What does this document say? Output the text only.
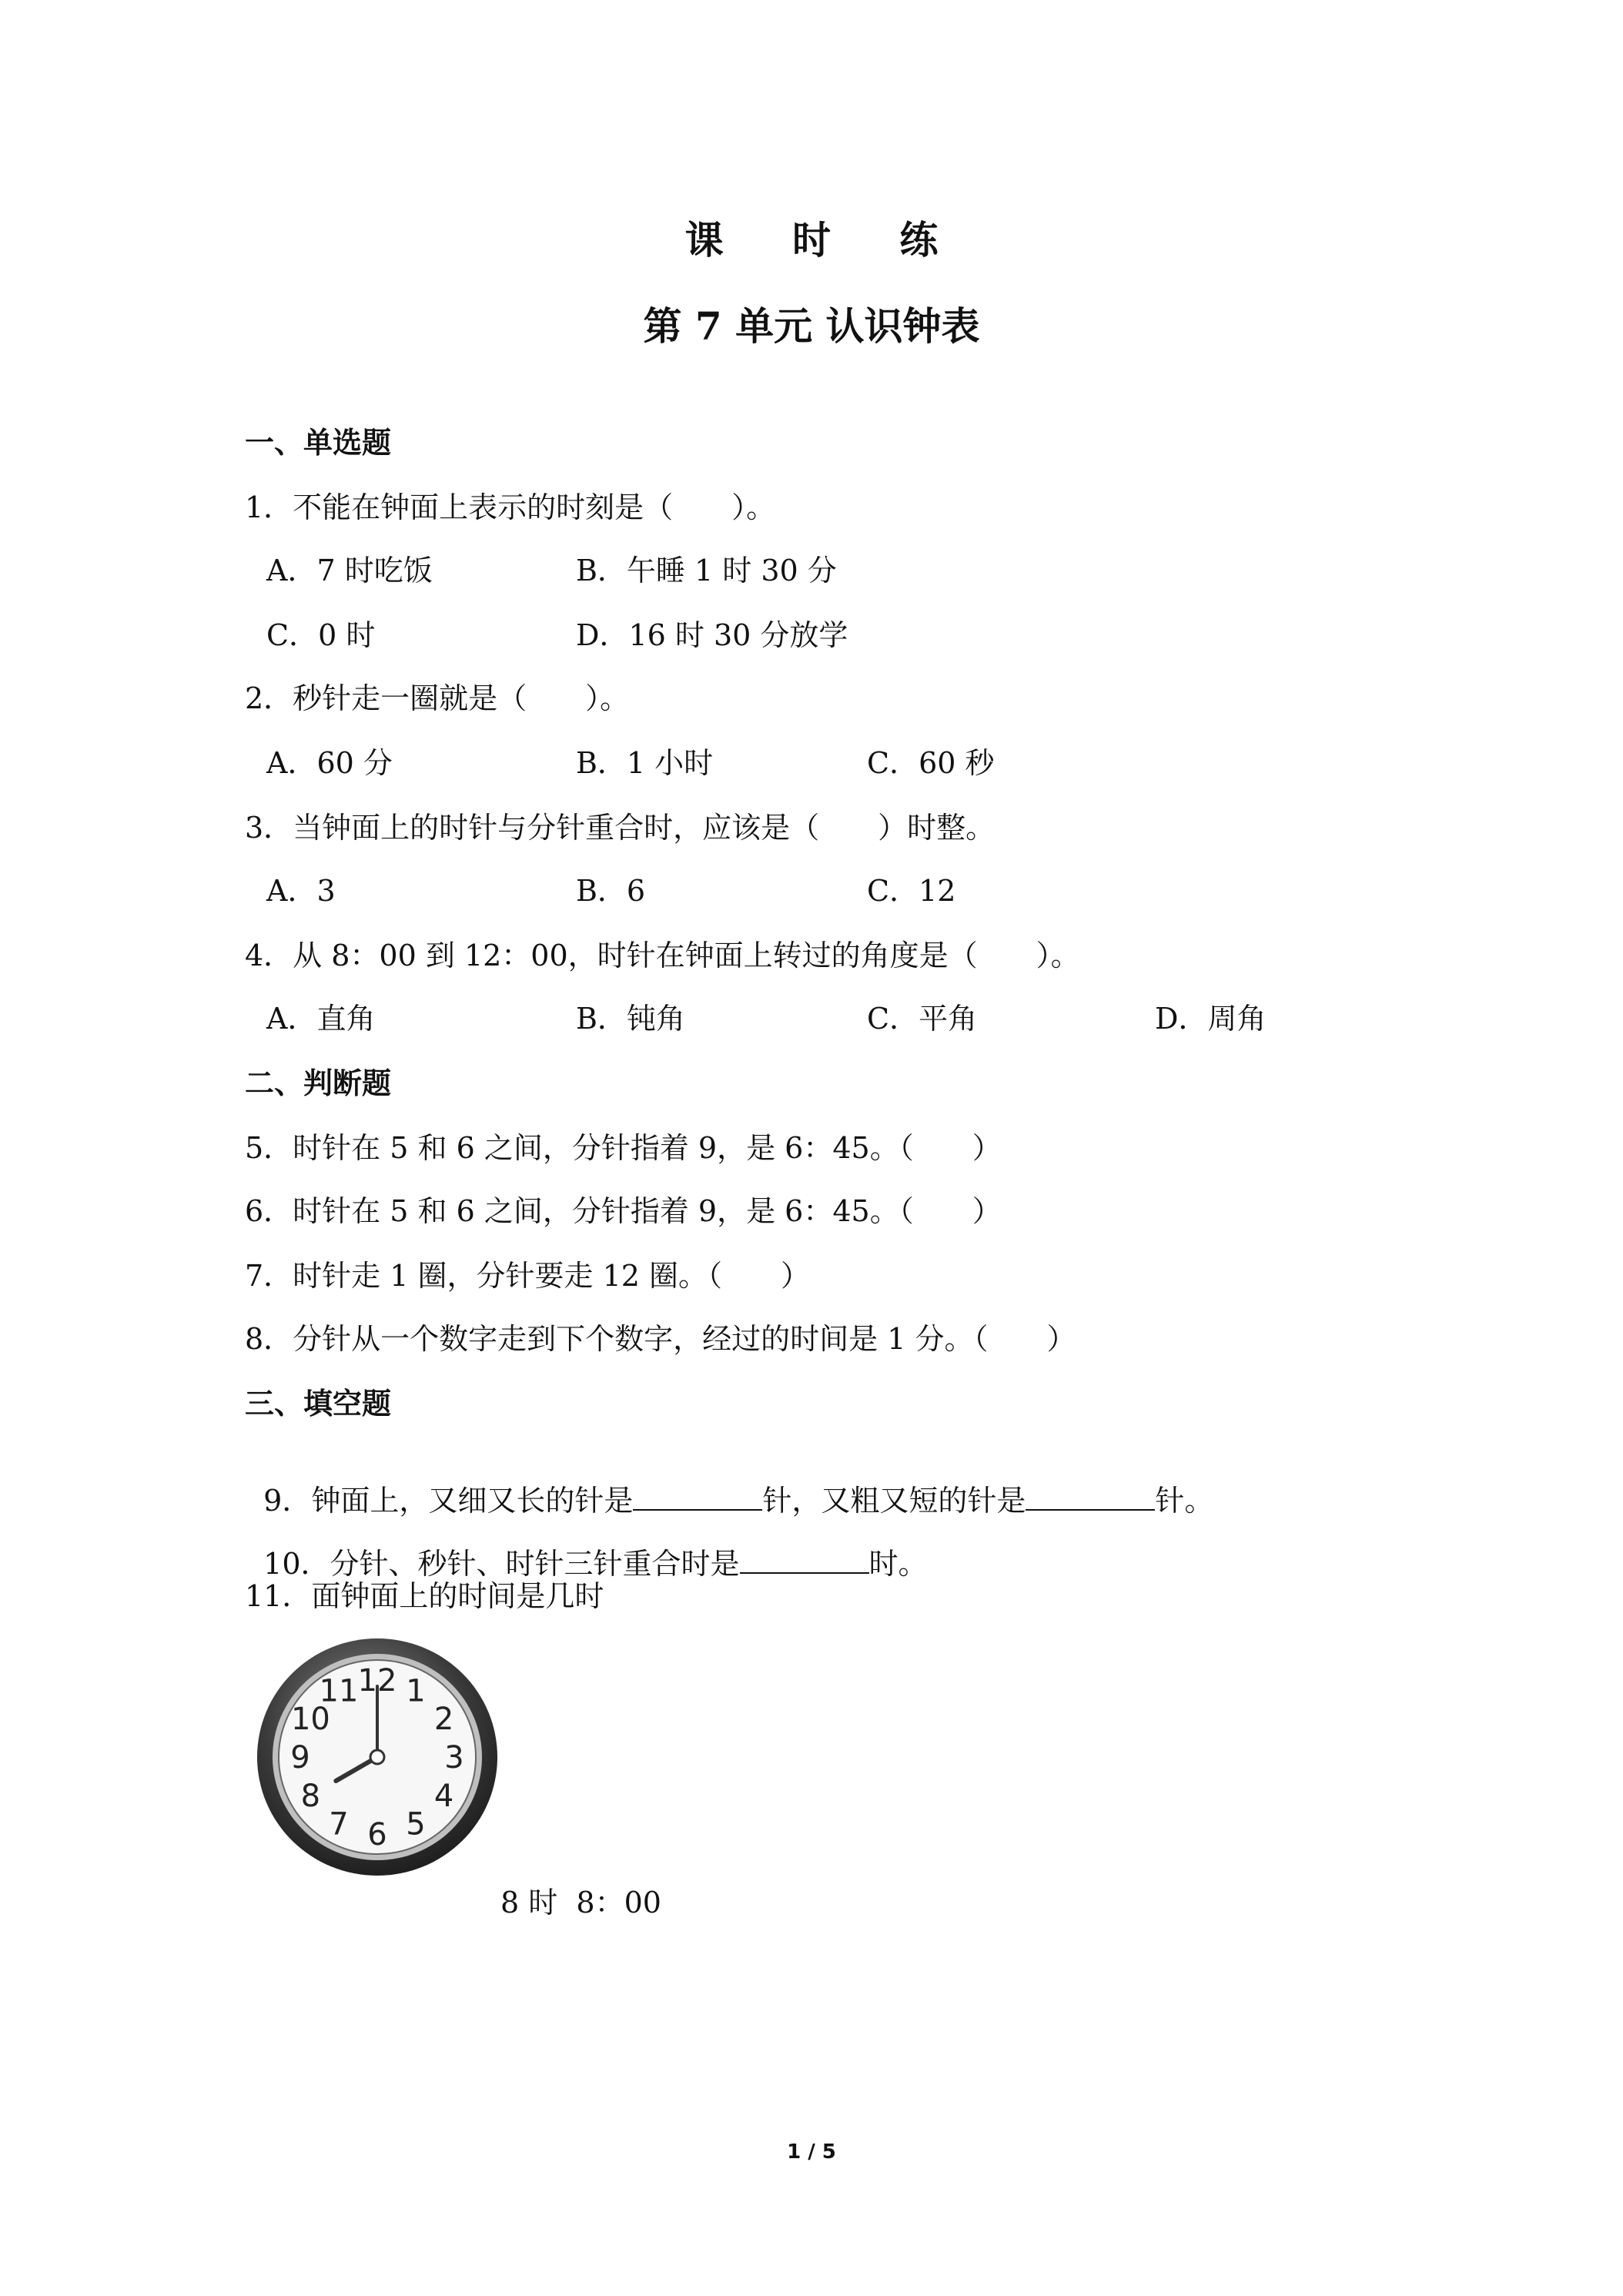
课 时 练
第 7 单元 认识钟表
一、单选题
1．不能在钟面上表示的时刻是（　　）。
A．7 时吃饭	B．午睡 1 时 30 分
C．0 时	D．16 时 30 分放学
2．秒针走一圈就是（　　）。
A．60 分	B．1 小时	C．60 秒
3．当钟面上的时针与分针重合时，应该是（　　）时整。
A．3	B．6	C．12
4．从 8：00 到 12：00，时针在钟面上转过的角度是（　　）。
A．直角	B．钝角	C．平角	D．周角
二、判断题
5．时针在 5 和 6 之间，分针指着 9，是 6：45。（　　）
6．时针在 5 和 6 之间，分针指着 9，是 6：45。（　　）
7．时针走 1 圈，分针要走 12 圈。（　　）
8．分针从一个数字走到下个数字，经过的时间是 1 分。（　　）
三、填空题

9．钟面上，又细又长的针是	针，又粗又短的针是	针。

10．分针、秒针、时针三针重合时是	时。

11．面钟面上的时间是几时
12 1
2
3
4
5
6
7
8
9
10
11
8 时  8：00
1 / 5
